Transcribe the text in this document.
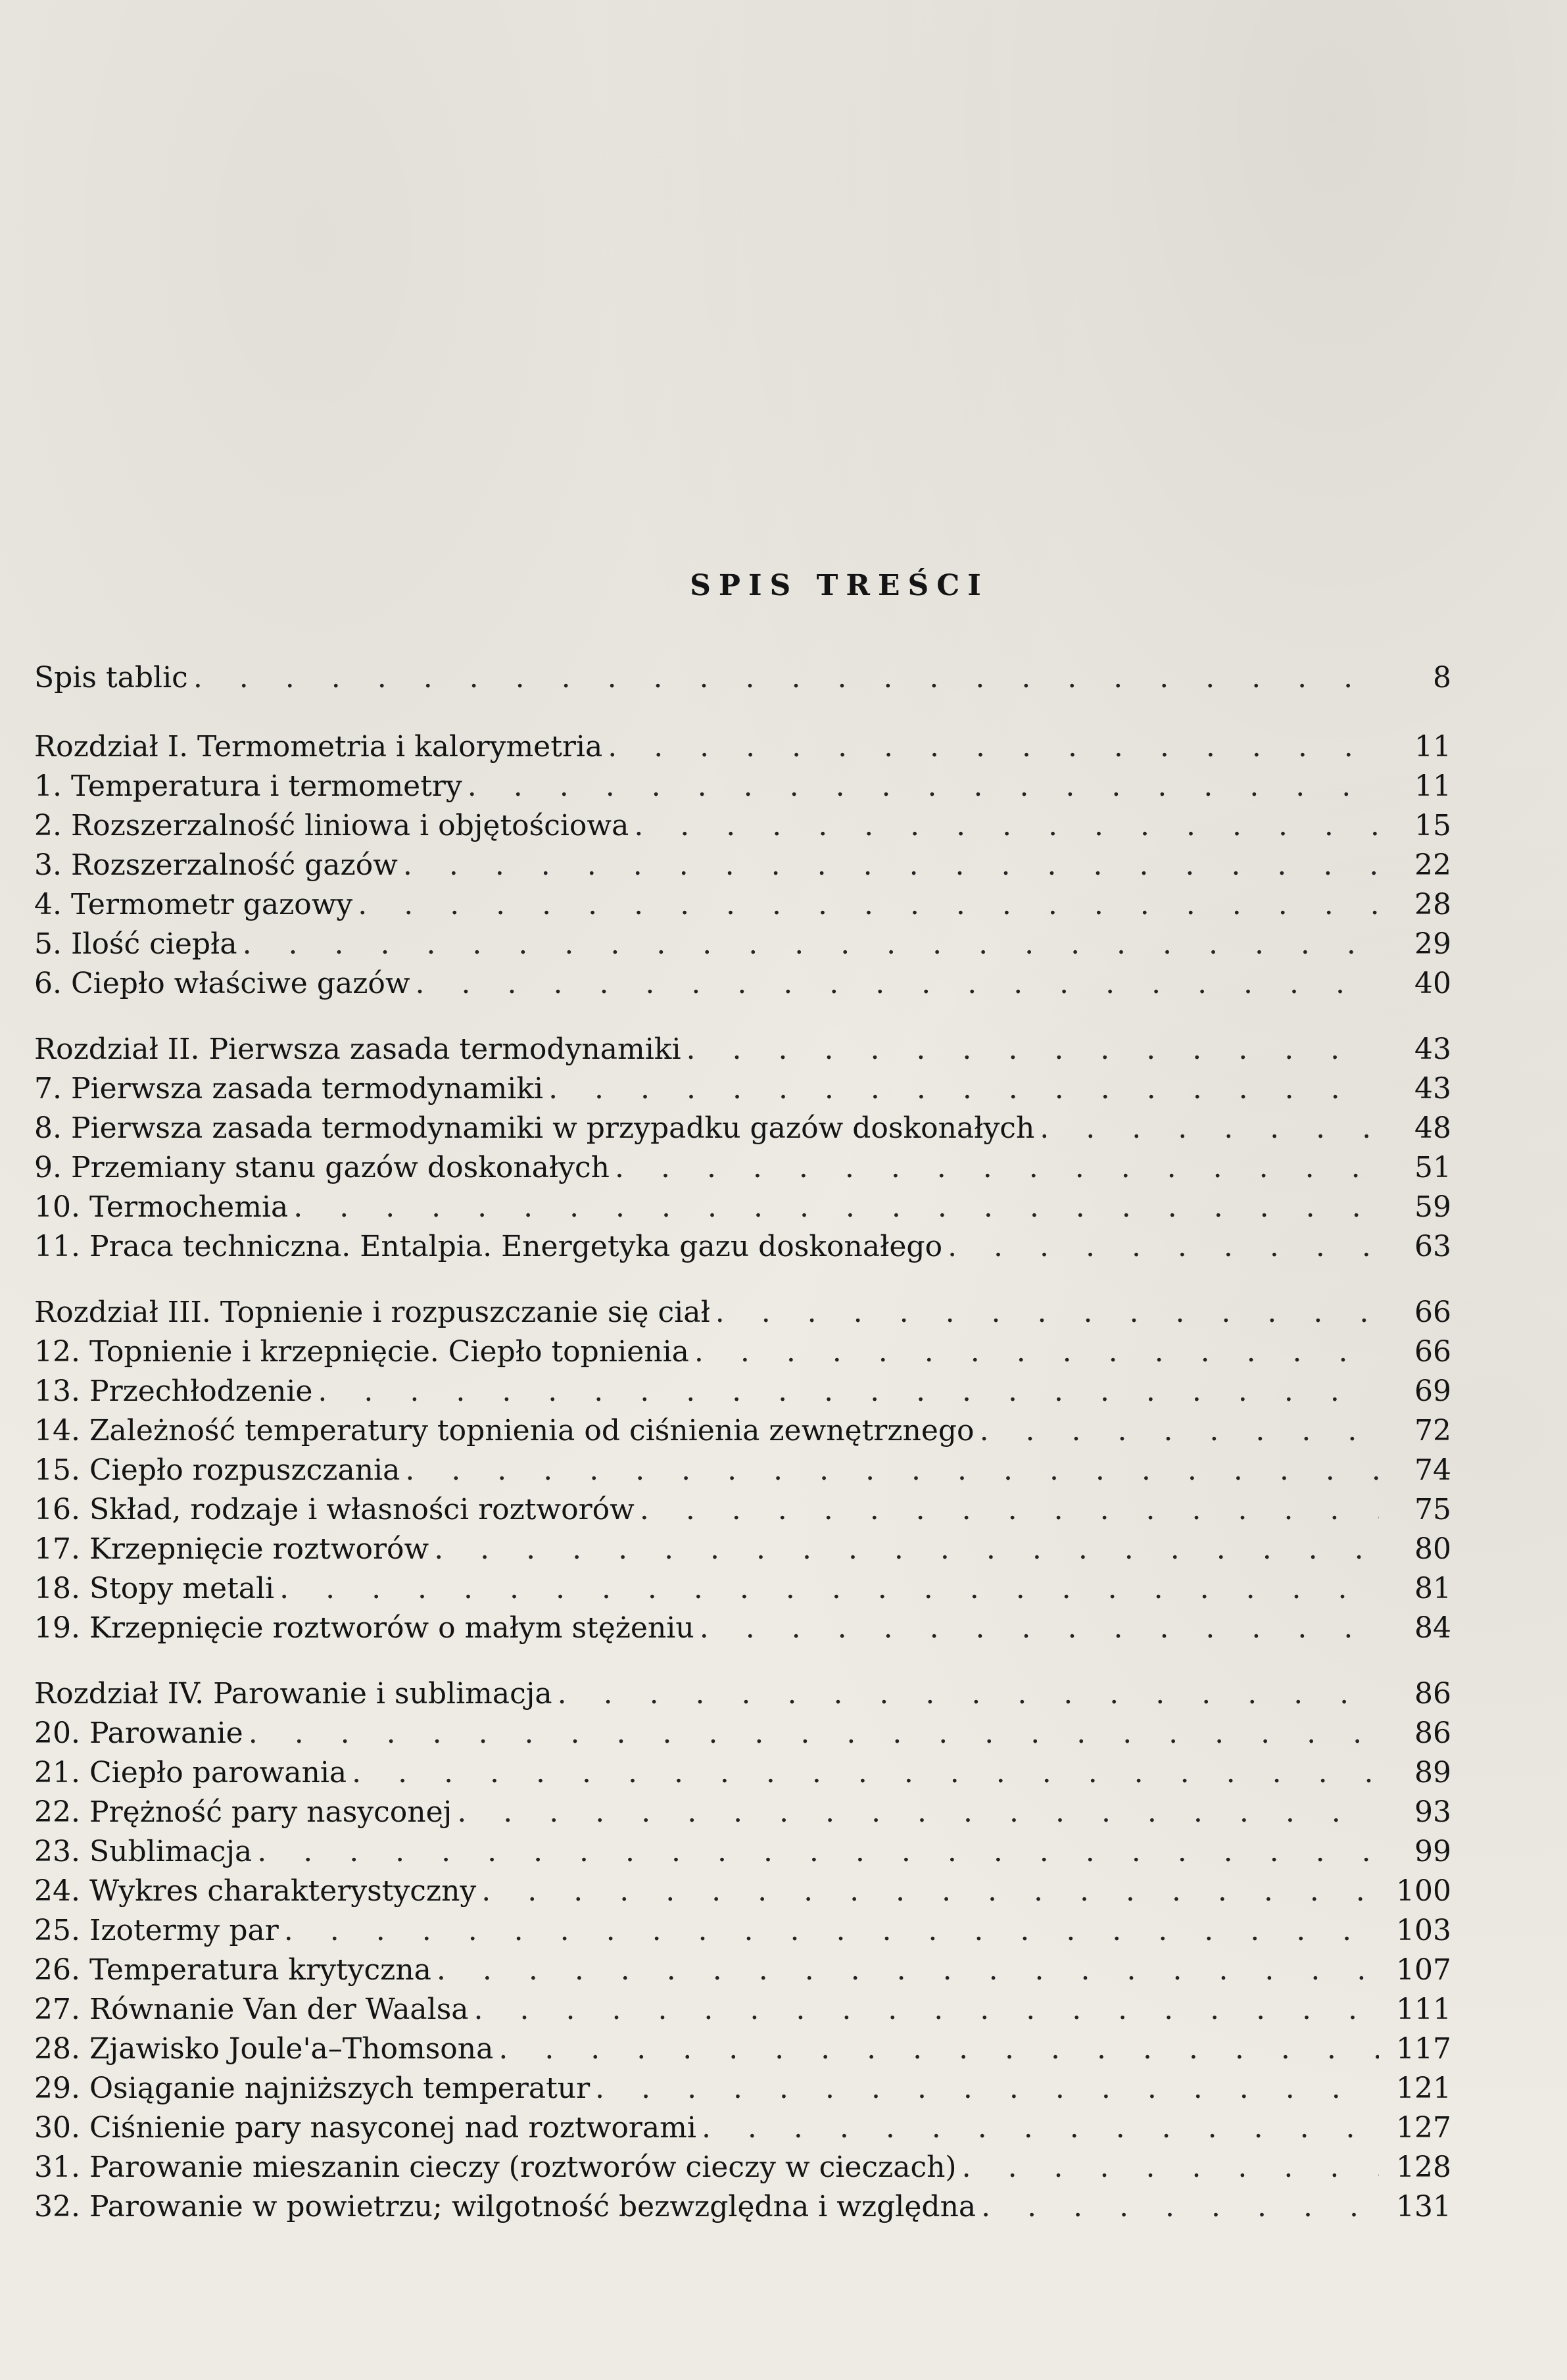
SPIS TREŚCI
Spis tablic . . .	8
Rozdział I. Termometria i kalorymetria . . .	11
1. Temperatura i termometry . . .	11
2. Rozszerzalność liniowa i objętościowa . . .	15
3. Rozszerzalność gazów . . .	22
4. Termometr gazowy . . .	28
5. Ilość ciepła . . .	29
6. Ciepło właściwe gazów . . .	40
Rozdział II. Pierwsza zasada termodynamiki . . .	43
7. Pierwsza zasada termodynamiki . . .	43
8. Pierwsza zasada termodynamiki w przypadku gazów doskonałych . . .	48
9. Przemiany stanu gazów doskonałych . . .	51
10. Termochemia . . .	59
11. Praca techniczna. Entalpia. Energetyka gazu doskonałego . . .	63
Rozdział III. Topnienie i rozpuszczanie się ciał . . .	66
12. Topnienie i krzepnięcie. Ciepło topnienia . . .	66
13. Przechłodzenie . . .	69
14. Zależność temperatury topnienia od ciśnienia zewnętrznego . . .	72
15. Ciepło rozpuszczania . . .	74
16. Skład, rodzaje i własności roztworów . . .	75
17. Krzepnięcie roztworów . . .	80
18. Stopy metali . . .	81
19. Krzepnięcie roztworów o małym stężeniu . . .	84
Rozdział IV. Parowanie i sublimacja . . .	86
20. Parowanie . . .	86
21. Ciepło parowania . . .	89
22. Prężność pary nasyconej . . .	93
23. Sublimacja . . .	99
24. Wykres charakterystyczny . . .	100
25. Izotermy par . . .	103
26. Temperatura krytyczna . . .	107
27. Równanie Van der Waalsa . . .	111
28. Zjawisko Joule'a–Thomsona . . .	117
29. Osiąganie najniższych temperatur . . .	121
30. Ciśnienie pary nasyconej nad roztworami . . .	127
31. Parowanie mieszanin cieczy (roztworów cieczy w cieczach) . . .	128
32. Parowanie w powietrzu; wilgotność bezwzględna i względna . . .	131
